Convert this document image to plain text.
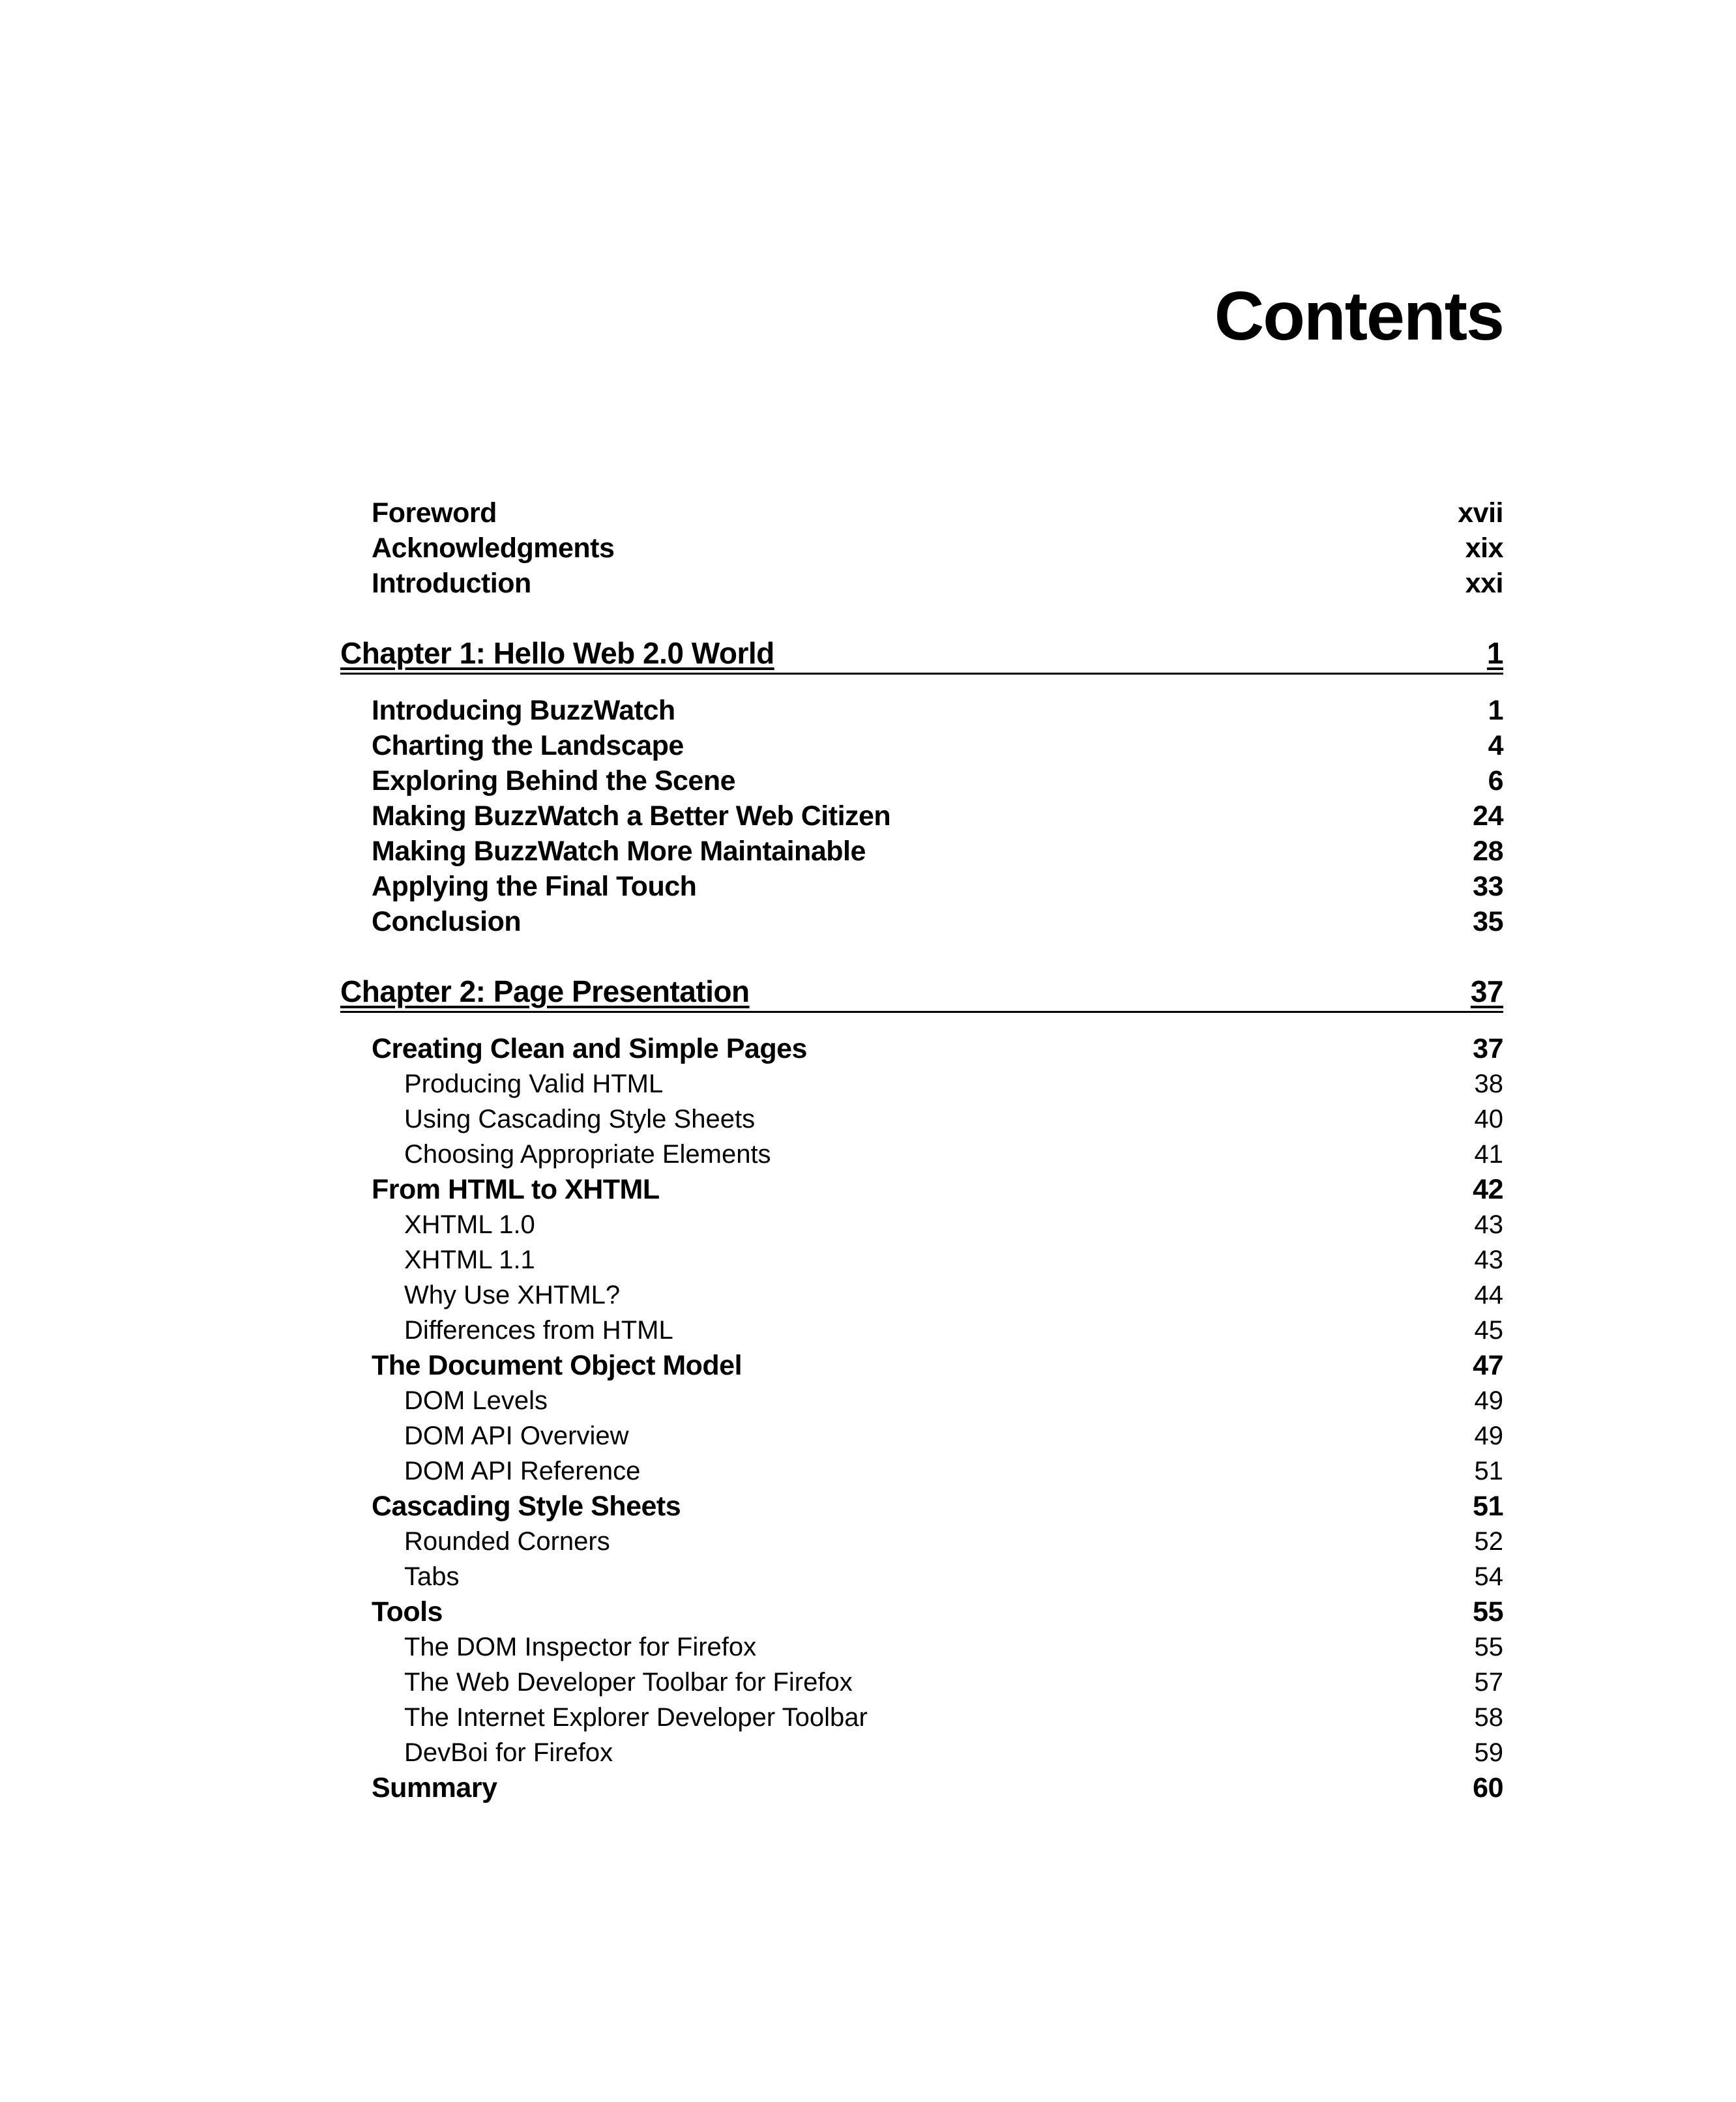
Contents
Foreword	xvii
Acknowledgments	xix
Introduction	xxi
Chapter 1: Hello Web 2.0 World	1
Introducing BuzzWatch	1
Charting the Landscape	4
Exploring Behind the Scene	6
Making BuzzWatch a Better Web Citizen	24
Making BuzzWatch More Maintainable	28
Applying the Final Touch	33
Conclusion	35
Chapter 2: Page Presentation	37
Creating Clean and Simple Pages	37
Producing Valid HTML	38
Using Cascading Style Sheets	40
Choosing Appropriate Elements	41
From HTML to XHTML	42
XHTML 1.0	43
XHTML 1.1	43
Why Use XHTML?	44
Differences from HTML	45
The Document Object Model	47
DOM Levels	49
DOM API Overview	49
DOM API Reference	51
Cascading Style Sheets	51
Rounded Corners	52
Tabs	54
Tools	55
The DOM Inspector for Firefox	55
The Web Developer Toolbar for Firefox	57
The Internet Explorer Developer Toolbar	58
DevBoi for Firefox	59
Summary	60
